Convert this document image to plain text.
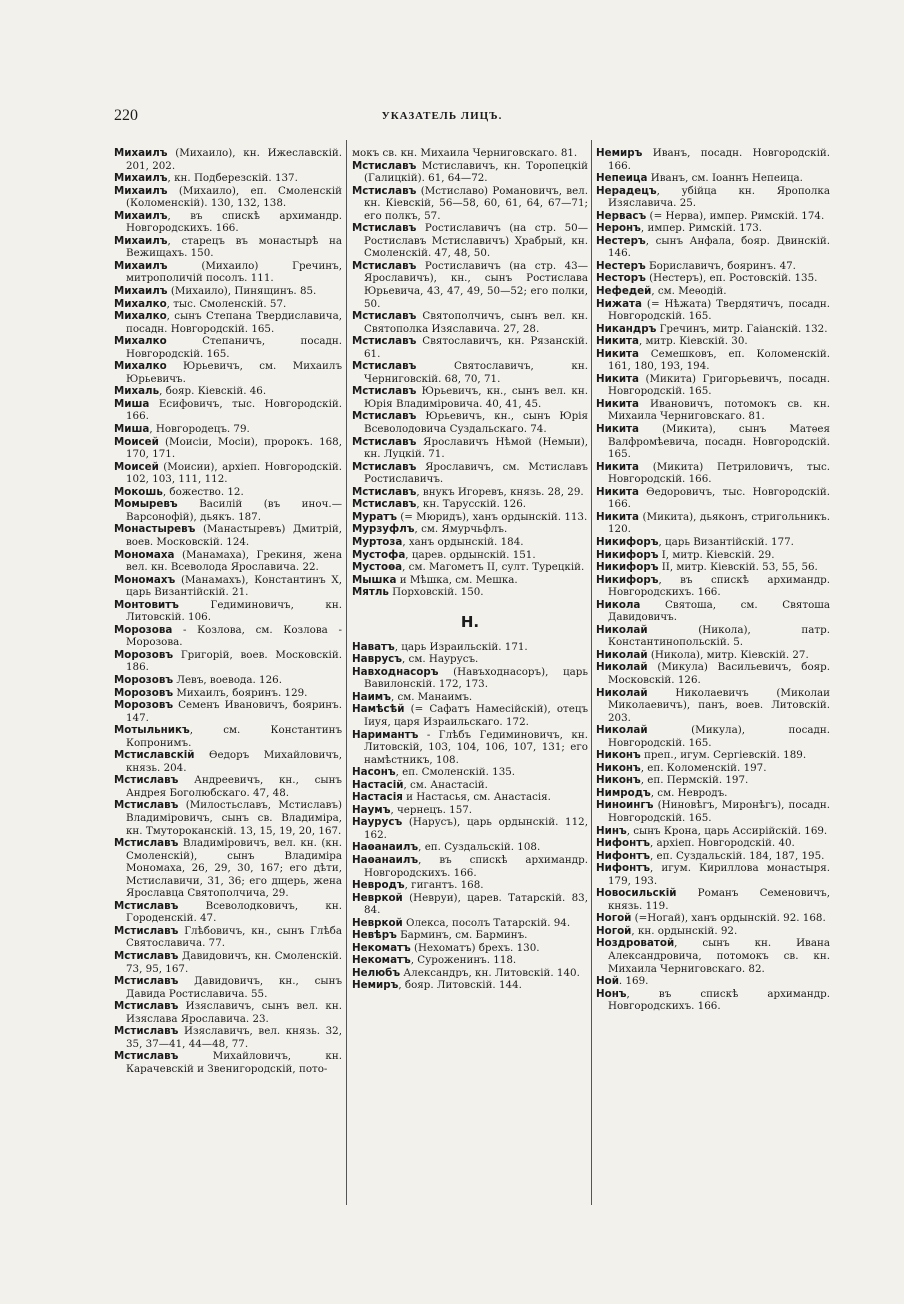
220	УКАЗАТЕЛЬ ЛИЦЪ.

Михаилъ (Михаило), кн. Ижеславскій. 201, 202.

Михаилъ, кн. Подберезскій. 137.

Михаилъ (Михаило), еп. Смоленскій (Коломенскій). 130, 132, 138.

Михаилъ, въ спискѣ архимандр. Новгородскихъ. 166.

Михаилъ, старецъ въ монастырѣ на Вежищахъ. 150.

Михаилъ (Михаило) Гречинъ, митрополичій посолъ. 111.

Михаилъ (Михаило), Пинящинъ. 85.

Михалко, тыс. Смоленскій. 57.

Михалко, сынъ Степана Твердиславича, посадн. Новгородскій. 165.

Михалко Степаничъ, посадн. Новгородскій. 165.

Михалко Юрьевичъ, см. Михаилъ Юрьевичъ.

Михаль, бояр. Кіевскій. 46.

Миша Есифовичъ, тыс. Новгородскій. 166.

Миша, Новгородецъ. 79.

Моисей (Моисiи, Мосiи), пророкъ. 168, 170, 171.

Моисей (Моисии), архіеп. Новгородскій. 102, 103, 111, 112.

Мокошь, божество. 12.

Момыревъ Василій (въ иноч.—Варсонофій), дьякъ. 187.

Монастыревъ (Манастыревъ) Дмитрій, воев. Московскій. 124.

Мономаха (Манамаха), Грекиня, жена вел. кн. Всеволода Ярославича. 22.

Мономахъ (Манамахъ), Константинъ X, царь Византійскій. 21.

Монтовитъ Гедиминовичъ, кн. Литовскій. 106.

Морозова - Козлова, см. Козлова - Морозова.

Морозовъ Григорій, воев. Московскій. 186.

Морозовъ Левъ, воевода. 126.

Морозовъ Михаилъ, бояринъ. 129.

Морозовъ Семенъ Ивановичъ, бояринъ. 147.

Мотыльникъ, см. Константинъ Копронимъ.

Мстиславскій Ѳедоръ Михайловичъ, князь. 204.

Мстиславъ Андреевичъ, кн., сынъ Андрея Боголюбскаго. 47, 48.

Мстиславъ (Милостьславъ, Мстиславъ) Владиміровичъ, сынъ св. Владиміра, кн. Тмутороканскій. 13, 15, 19, 20, 167.

Мстиславъ Владиміровичъ, вел. кн. (кн. Смоленскій), сынъ Владиміра Мономаха, 26, 29, 30, 167; его дѣти, Мстиславичи, 31, 36; его дщерь, жена Ярославца Святополчича, 29.

Мстиславъ Всеволодковичъ, кн. Городенскій. 47.

Мстиславъ Глѣбовичъ, кн., сынъ Глѣба Святославича. 77.

Мстиславъ Давидовичъ, кн. Смоленскій. 73, 95, 167.

Мстиславъ Давидовичъ, кн., сынъ Давида Ростиславича. 55.

Мстиславъ Изяславичъ, сынъ вел. кн. Изяслава Ярославича. 23.

Мстиславъ Изяславичъ, вел. князь. 32, 35, 37—41, 44—48, 77.

Мстиславъ Михайловичъ, кн. Карачевскій и Звенигородскій, пото-

мокъ св. кн. Михаила Черниговскаго. 81.

Мстиславъ Мстиславичъ, кн. Торопецкій (Галицкій). 61, 64—72.

Мстиславъ (Мстиславо) Романовичъ, вел. кн. Кіевскій, 56—58, 60, 61, 64, 67—71; его полкъ, 57.

Мстиславъ Ростиславичъ (на стр. 50—Ростиславъ Мстиславичъ) Храбрый, кн. Смоленскій. 47, 48, 50.

Мстиславъ Ростиславичъ (на стр. 43—Ярославичъ), кн., сынъ Ростислава Юрьевича, 43, 47, 49, 50—52; его полки, 50.

Мстиславъ Святополчичъ, сынъ вел. кн. Святополка Изяславича. 27, 28.

Мстиславъ Святославичъ, кн. Рязанскій. 61.

Мстиславъ Святославичъ, кн. Черниговскій. 68, 70, 71.

Мстиславъ Юрьевичъ, кн., сынъ вел. кн. Юрія Владиміровича. 40, 41, 45.

Мстиславъ Юрьевичъ, кн., сынъ Юрія Всеволодовича Суздальскаго. 74.

Мстиславъ Ярославичъ Нѣмой (Немыи), кн. Луцкій. 71.

Мстиславъ Ярославичъ, см. Мстиславъ Ростиславичъ.

Мстиславъ, внукъ Игоревъ, князь. 28, 29.

Мстиславъ, кн. Тарусскій. 126.

Муратъ (= Мюридъ), ханъ ордынскій. 113.

Мурзуфлъ, см. Ямурчьфлъ.

Муртоза, ханъ ордынскій. 184.

Мустофа, царев. ордынскій. 151.

Мустоѳа, см. Магометъ II, султ. Турецкій.

Мышка и Мѣшка, см. Мешка.

Мятль Порховскій. 150.

Н.

Наватъ, царь Израильскій. 171.

Наврусъ, см. Наурусъ.

Навходнасоръ (Навъходнасоръ), царь Вавилонскій. 172, 173.

Наимъ, см. Манаимъ.

Намѣсѣй (= Сафатъ Намесійскій), отецъ Iиуя, царя Израильскаго. 172.

Наримантъ - Глѣбъ Гедиминовичъ, кн. Литовскій, 103, 104, 106, 107, 131; его намѣстникъ, 108.

Насонъ, еп. Смоленскій. 135.

Настасій, см. Анастасій.

Настасія и Настасья, см. Анастасія.

Наумъ, чернецъ. 157.

Наурусъ (Нарусъ), царь ордынскій. 112, 162.

Наѳанаилъ, еп. Суздальскій. 108.

Наѳанаилъ, въ спискѣ архимандр. Новгородскихъ. 166.

Невродъ, гигантъ. 168.

Невркой (Невруи), царев. Татарскій. 83, 84.

Невркой Олекса, посолъ Татарскій. 94.

Невѣръ Барминъ, см. Барминъ.

Некоматъ (Нехоматъ) брехъ. 130.

Некоматъ, Суроженинъ. 118.

Нелюбъ Александръ, кн. Литовскій. 140.

Немиръ, бояр. Литовскій. 144.

Немиръ Иванъ, посадн. Новгородскій. 166.

Непеица Иванъ, см. Іоаннъ Непеица.

Нерадецъ, убійца кн. Ярополка Изяславича. 25.

Нервасъ (= Нерва), импер. Римскій. 174.

Неронъ, импер. Римскій. 173.

Нестеръ, сынъ Анфала, бояр. Двинскій. 146.

Нестеръ Бориславичъ, бояринъ. 47.

Несторъ (Нестеръ), еп. Ростовскій. 135.

Нефедей, см. Меѳодій.

Нижата (= Нѣжата) Твердятичъ, посадн. Новгородскій. 165.

Никандръ Гречинъ, митр. Гаіанскій. 132.

Никита, митр. Кіевскій. 30.

Никита Семешковъ, еп. Коломенскій. 161, 180, 193, 194.

Никита (Микита) Григорьевичъ, посадн. Новгородскій. 165.

Никита Ивановичъ, потомокъ св. кн. Михаила Черниговскаго. 81.

Никита (Микита), сынъ Матѳея Валфромѣевича, посадн. Новгородскій. 165.

Никита (Микита) Петриловичъ, тыс. Новгородскій. 166.

Никита Ѳедоровичъ, тыс. Новгородскій. 166.

Никита (Микита), дьяконъ, стригольникъ. 120.

Никифоръ, царь Византійскій. 177.

Никифоръ I, митр. Кіевскій. 29.

Никифоръ II, митр. Кіевскій. 53, 55, 56.

Никифоръ, въ спискѣ архимандр. Новгородскихъ. 166.

Никола Святоша, см. Святоша Давидовичъ.

Николай (Никола), патр. Константинопольскій. 5.

Николай (Никола), митр. Кіевскій. 27.

Николай (Микула) Васильевичъ, бояр. Московскій. 126.

Николай Николаевичъ (Миколаи Миколаевичъ), панъ, воев. Литовскій. 203.

Николай (Микула), посадн. Новгородскій. 165.

Никонъ преп., игум. Сергіевскій. 189.

Никонъ, еп. Коломенскій. 197.

Никонъ, еп. Пермскій. 197.

Нимродъ, см. Невродъ.

Ниноингъ (Ниновѣгъ, Миронѣгъ), посадн. Новгородскій. 165.

Нинъ, сынъ Крона, царь Ассирійскій. 169.

Нифонтъ, архіеп. Новгородскій. 40.

Нифонтъ, еп. Суздальскій. 184, 187, 195.

Нифонтъ, игум. Кириллова монастыря. 179, 193.

Новосильскій Романъ Семеновичъ, князь. 119.

Ногой (=Ногай), ханъ ордынскій. 92. 168.

Ногой, кн. ордынскій. 92.

Ноздроватой, сынъ кн. Ивана Александровича, потомокъ св. кн. Михаила Черниговскаго. 82.

Ной. 169.

Нонъ, въ спискѣ архимандр. Новгородскихъ. 166.
